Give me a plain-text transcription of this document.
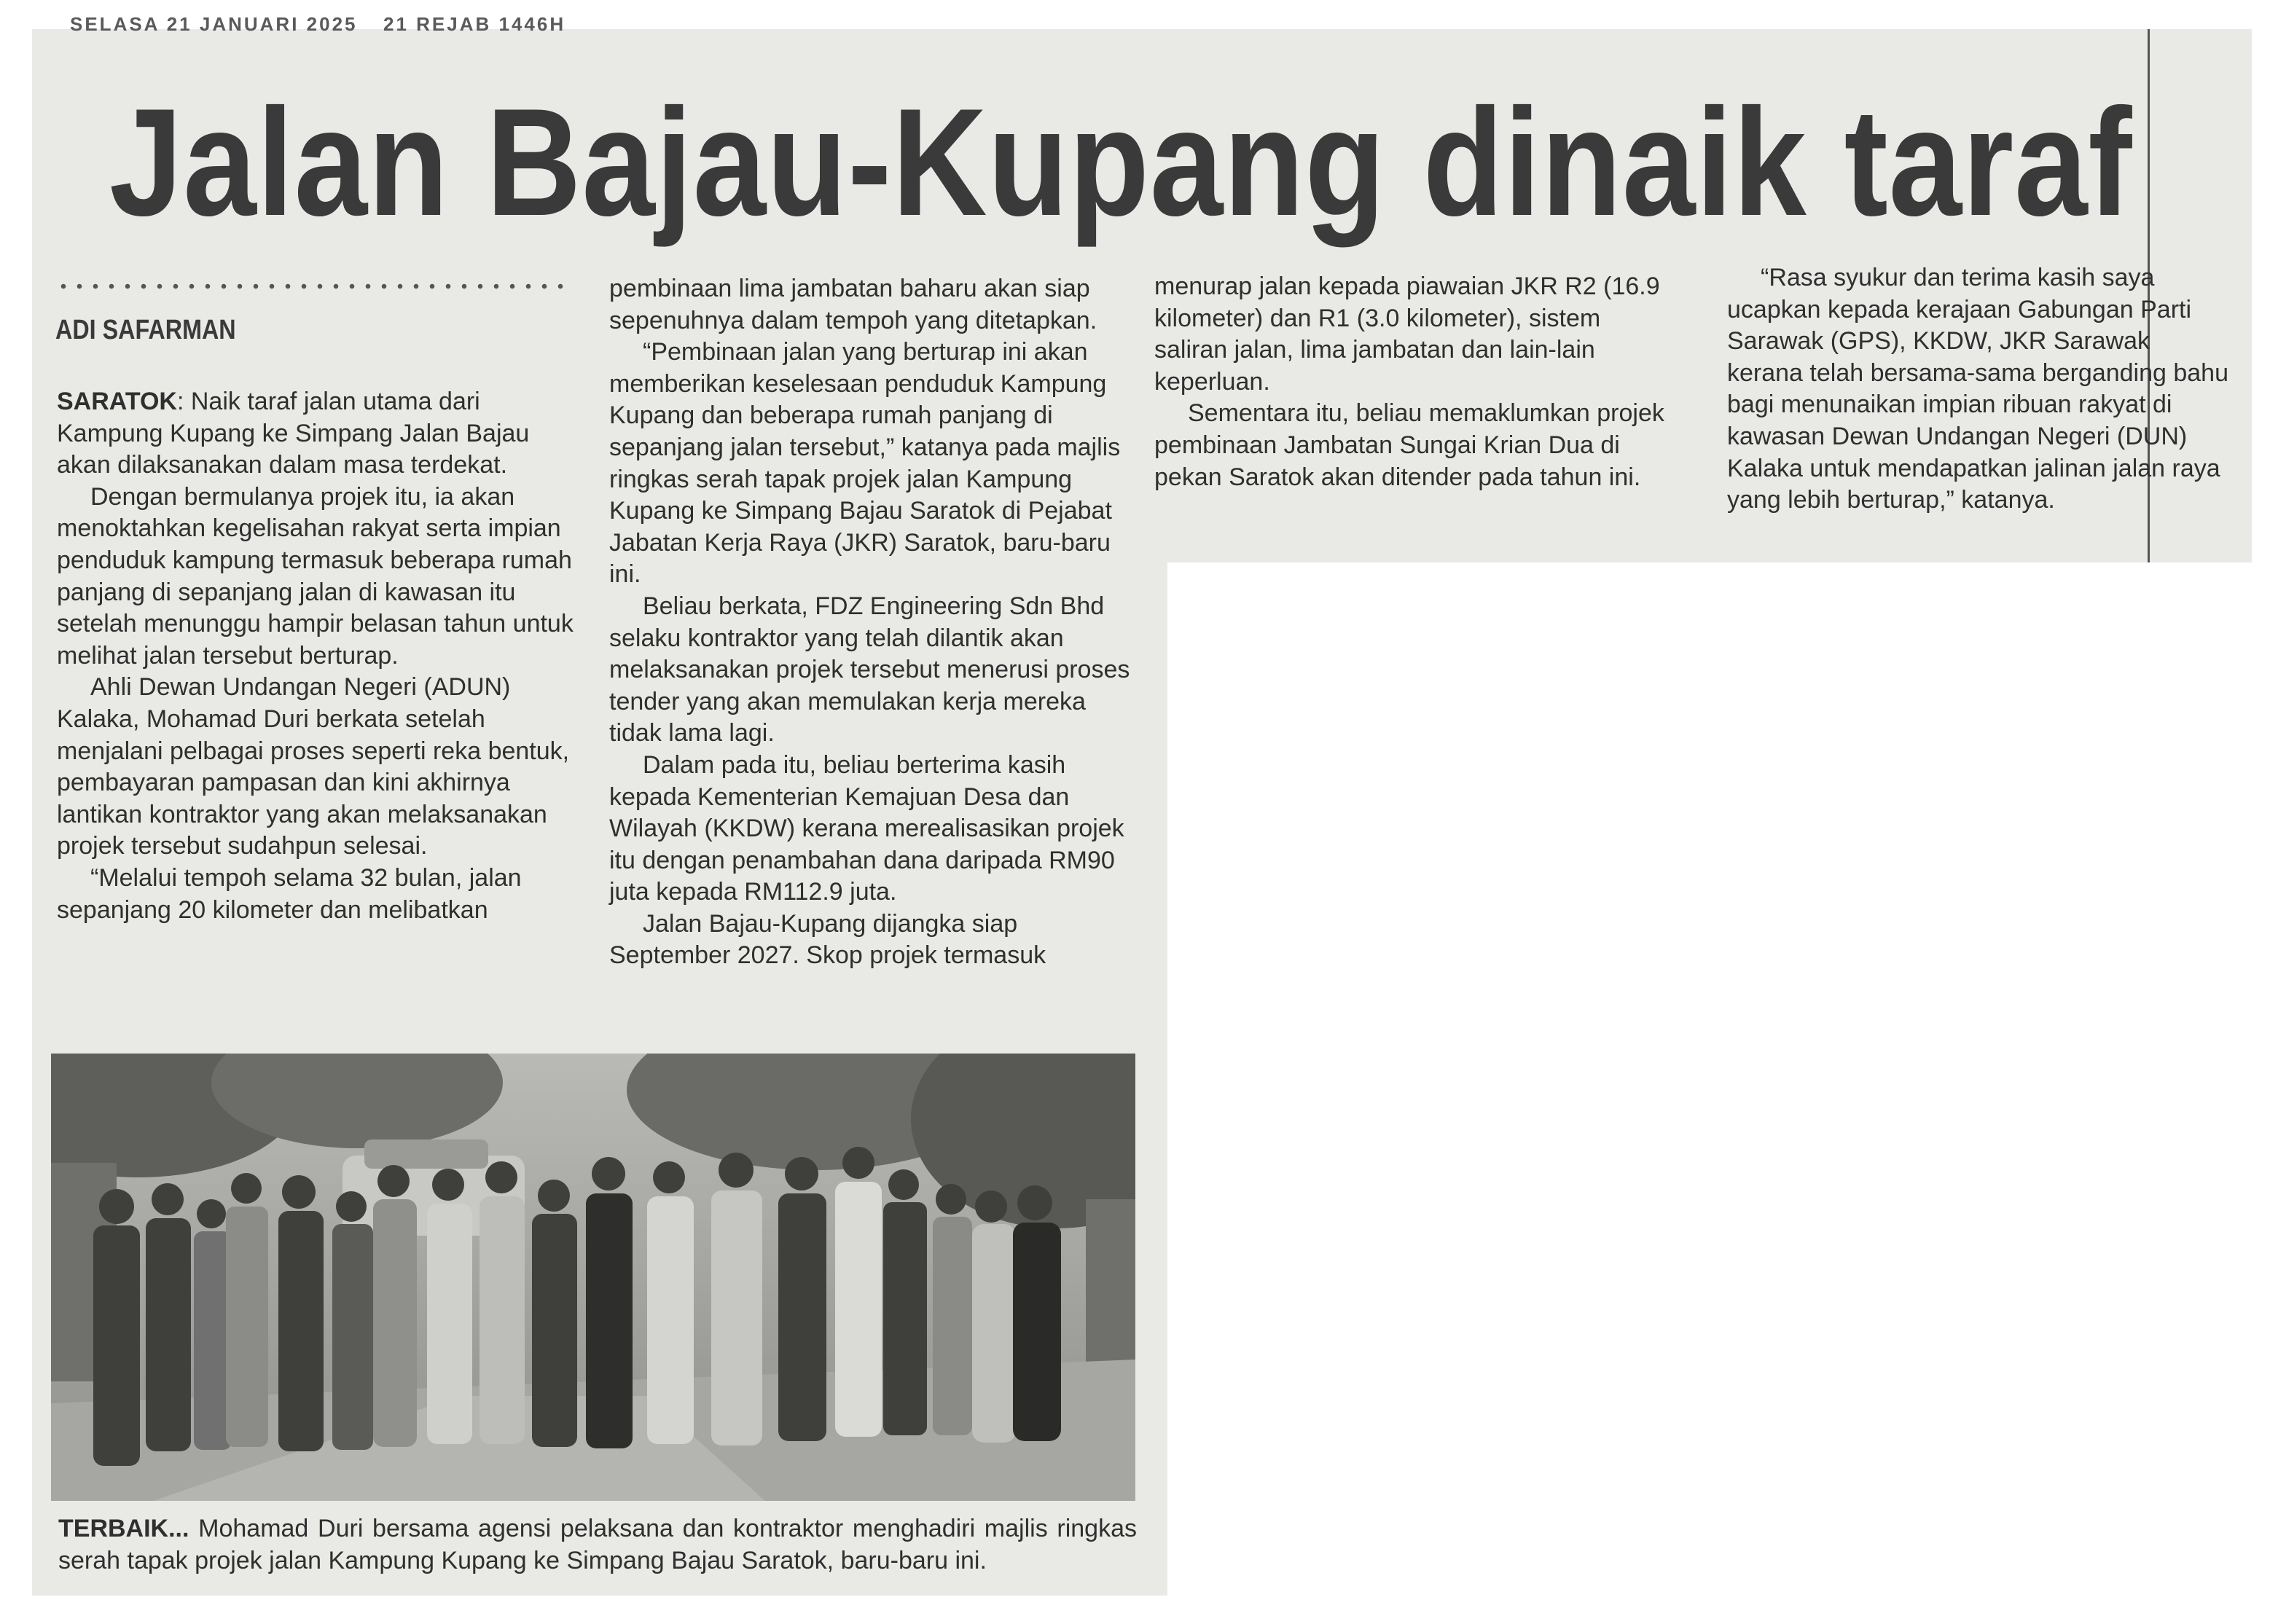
SELASA 21 JANUARI 2025 21 REJAB 1446H
Jalan Bajau-Kupang dinaik taraf
ADI SAFARMAN

SARATOK: Naik taraf jalan utama dari Kampung Kupang ke Simpang Jalan Bajau akan dilaksanakan dalam masa terdekat.

Dengan bermulanya projek itu, ia akan menoktahkan kegelisahan rakyat serta impian penduduk kampung termasuk beberapa rumah panjang di sepanjang jalan di kawasan itu setelah menunggu hampir belasan tahun untuk melihat jalan tersebut berturap.

Ahli Dewan Undangan Negeri (ADUN) Kalaka, Mohamad Duri berkata setelah menjalani pelbagai proses seperti reka bentuk, pembayaran pampasan dan kini akhirnya lantikan kontraktor yang akan melaksanakan projek tersebut sudahpun selesai.

“Melalui tempoh selama 32 bulan, jalan sepanjang 20 kilometer dan melibatkan

pembinaan lima jambatan baharu akan siap sepenuhnya dalam tempoh yang ditetapkan.

“Pembinaan jalan yang berturap ini akan memberikan keselesaan penduduk Kampung Kupang dan beberapa rumah panjang di sepanjang jalan tersebut,” katanya pada majlis ringkas serah tapak projek jalan Kampung Kupang ke Simpang Bajau Saratok di Pejabat Jabatan Kerja Raya (JKR) Saratok, baru-baru ini.

Beliau berkata, FDZ Engineering Sdn Bhd selaku kontraktor yang telah dilantik akan melaksanakan projek tersebut menerusi proses tender yang akan memulakan kerja mereka tidak lama lagi.

Dalam pada itu, beliau berterima kasih kepada Kementerian Kemajuan Desa dan Wilayah (KKDW) kerana merealisasikan projek itu dengan penambahan dana daripada RM90 juta kepada RM112.9 juta.

Jalan Bajau-Kupang dijangka siap September 2027. Skop projek termasuk

menurap jalan kepada piawaian JKR R2 (16.9 kilometer) dan R1 (3.0 kilometer), sistem saliran jalan, lima jambatan dan lain-lain keperluan.

Sementara itu, beliau memaklumkan projek pembinaan Jambatan Sungai Krian Dua di pekan Saratok akan ditender pada tahun ini.

“Rasa syukur dan terima kasih saya ucapkan kepada kerajaan Gabungan Parti Sarawak (GPS), KKDW, JKR Sarawak kerana telah bersama-sama berganding bahu bagi menunaikan impian ribuan rakyat di kawasan Dewan Undangan Negeri (DUN) Kalaka untuk mendapatkan jalinan jalan raya yang lebih berturap,” katanya.

TERBAIK... Mohamad Duri bersama agensi pelaksana dan kontraktor menghadiri majlis ringkas serah tapak projek jalan Kampung Kupang ke Simpang Bajau Saratok, baru-baru ini.
